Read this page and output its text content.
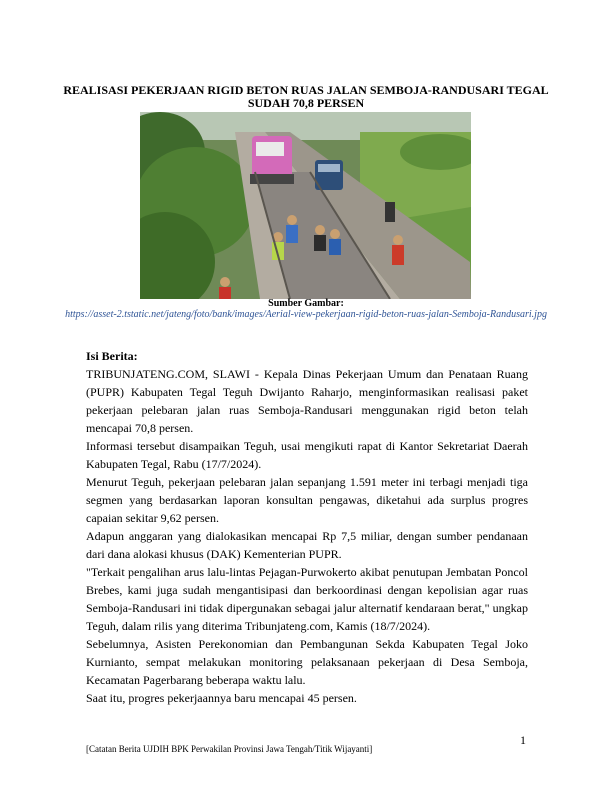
REALISASI PEKERJAAN RIGID BETON RUAS JALAN SEMBOJA-RANDUSARI TEGAL SUDAH 70,8 PERSEN
Sumber Gambar:
https://asset-2.tstatic.net/jateng/foto/bank/images/Aerial-view-pekerjaan-rigid-beton-ruas-jalan-Semboja-Randusari.jpg
Isi Berita:

TRIBUNJATENG.COM, SLAWI - Kepala Dinas Pekerjaan Umum dan Penataan Ruang (PUPR) Kabupaten Tegal Teguh Dwijanto Raharjo, menginformasikan realisasi paket pekerjaan pelebaran jalan ruas Semboja-Randusari menggunakan rigid beton telah mencapai 70,8 persen.

Informasi tersebut disampaikan Teguh, usai mengikuti rapat di Kantor Sekretariat Daerah Kabupaten Tegal, Rabu (17/7/2024).

Menurut Teguh, pekerjaan pelebaran jalan sepanjang 1.591 meter ini terbagi menjadi tiga segmen yang berdasarkan laporan konsultan pengawas, diketahui ada surplus progres capaian sekitar 9,62 persen.

Adapun anggaran yang dialokasikan mencapai Rp 7,5 miliar, dengan sumber pendanaan dari dana alokasi khusus (DAK) Kementerian PUPR.

"Terkait pengalihan arus lalu-lintas Pejagan-Purwokerto akibat penutupan Jembatan Poncol Brebes, kami juga sudah mengantisipasi dan berkoordinasi dengan kepolisian agar ruas Semboja-Randusari ini tidak dipergunakan sebagai jalur alternatif kendaraan berat," ungkap Teguh, dalam rilis yang diterima Tribunjateng.com, Kamis (18/7/2024).

Sebelumnya, Asisten Perekonomian dan Pembangunan Sekda Kabupaten Tegal Joko Kurnianto, sempat melakukan monitoring pelaksanaan pekerjaan di Desa Semboja, Kecamatan Pagerbarang beberapa waktu lalu.

Saat itu, progres pekerjaannya baru mencapai 45 persen.

1
[Catatan Berita UJDIH BPK Perwakilan Provinsi Jawa Tengah/Titik Wijayanti]
